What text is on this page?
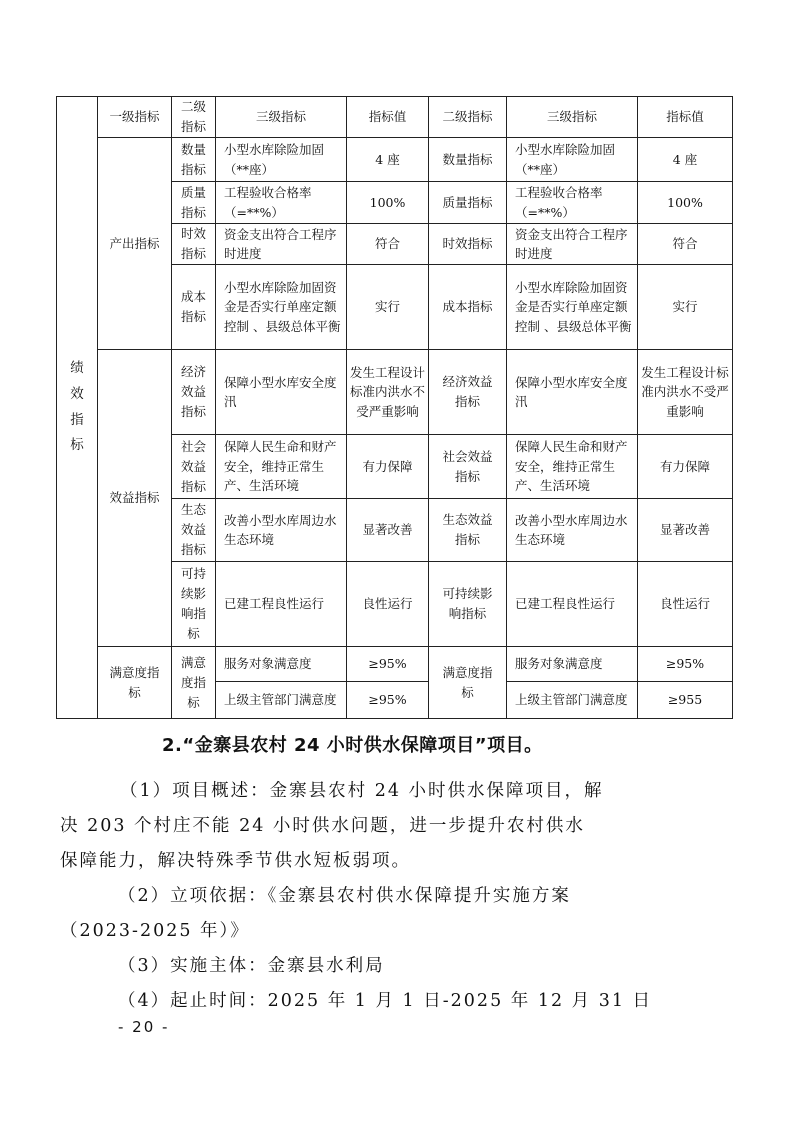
绩效指标	一级指标	二级指标	三级指标	指标值	二级指标	三级指标	指标值
	产出指标	数量指标	小型水库除险加固（**座）	4 座	数量指标	小型水库除险加固（**座）	4 座
		质量指标	工程验收合格率（=**%）	100%	质量指标	工程验收合格率（=**%）	100%
		时效指标	资金支出符合工程序时进度	符合	时效指标	资金支出符合工程序时进度	符合
		成本指标	小型水库除险加固资金是否实行单座定额控制 、县级总体平衡	实行	成本指标	小型水库除险加固资金是否实行单座定额控制 、县级总体平衡	实行
	效益指标	经济效益指标	保障小型水库安全度汛	发生工程设计标准内洪水不受严重影响	经济效益指标	保障小型水库安全度汛	发生工程设计标准内洪水不受严重影响
		社会效益指标	保障人民生命和财产安全，维持正常生产、生活环境	有力保障	社会效益指标	保障人民生命和财产安全，维持正常生产、生活环境	有力保障
		生态效益指标	改善小型水库周边水生态环境	显著改善	生态效益指标	改善小型水库周边水生态环境	显著改善
		可持续影响指标	已建工程良性运行	良性运行	可持续影响指标	已建工程良性运行	良性运行
	满意度指标	满意度指标	服务对象满意度	≥95%	满意度指标	服务对象满意度	≥95%
			上级主管部门满意度	≥95%		上级主管部门满意度	≥955
2.“金寨县农村 24 小时供水保障项目”项目。
（1）项目概述：金寨县农村 24 小时供水保障项目，解
决 203 个村庄不能 24 小时供水问题，进一步提升农村供水
保障能力，解决特殊季节供水短板弱项。
（2）立项依据：《金寨县农村供水保障提升实施方案
（2023-2025 年）》
（3）实施主体：金寨县水利局
（4）起止时间：2025 年 1 月 1 日-2025 年 12 月 31 日
- 20 -
